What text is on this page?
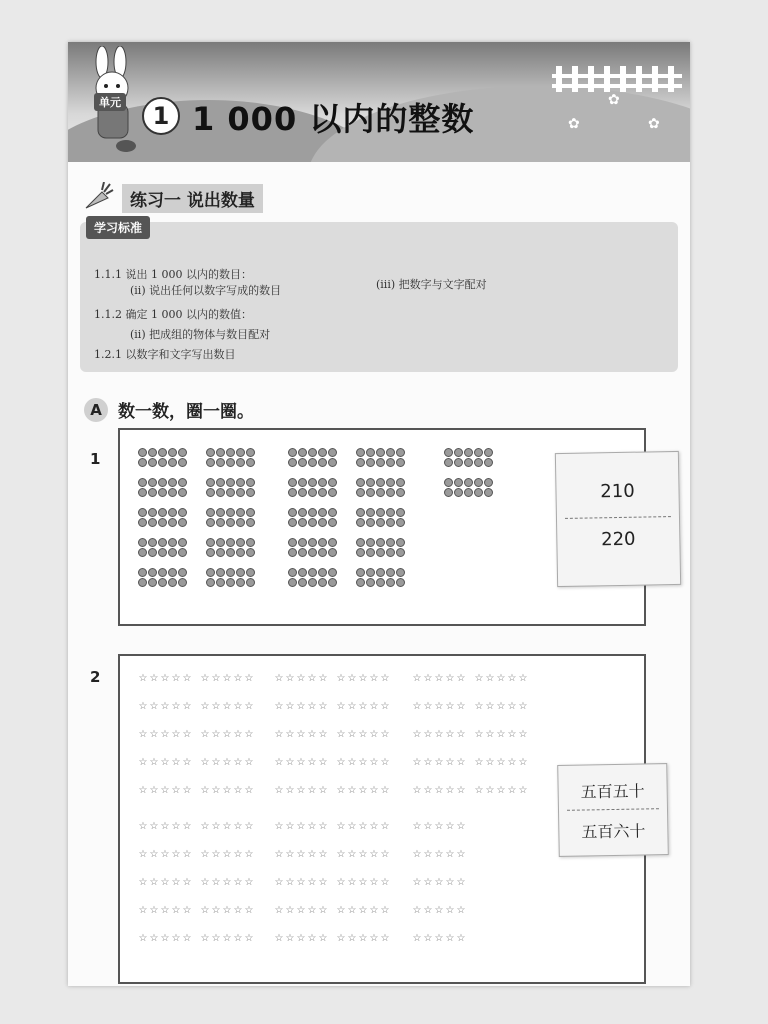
✿
✿	✿
单元	1 1 000 以内的整数
练习一 说出数量
学习标准
1.1.1 说出 1 000 以内的数目：
(ii) 说出任何以数字写成的数目	(iii) 把数字与文字配对
1.1.2 确定 1 000 以内的数值：
(ii) 把成组的物体与数目配对
1.2.1 以数字和文字写出数目
A 数一数，圈一圈。
1
210
220
2	☆ ☆ ☆ ☆ ☆
☆ ☆ ☆ ☆ ☆
☆ ☆ ☆ ☆ ☆
☆ ☆ ☆ ☆ ☆
☆ ☆ ☆ ☆ ☆
☆ ☆ ☆ ☆ ☆
☆ ☆ ☆ ☆ ☆
☆ ☆ ☆ ☆ ☆
☆ ☆ ☆ ☆ ☆
☆ ☆ ☆ ☆ ☆
☆ ☆ ☆ ☆ ☆
☆ ☆ ☆ ☆ ☆
☆ ☆ ☆ ☆ ☆
☆ ☆ ☆ ☆ ☆
☆ ☆ ☆ ☆ ☆
☆ ☆ ☆ ☆ ☆
☆ ☆ ☆ ☆ ☆
☆ ☆ ☆ ☆ ☆
☆ ☆ ☆ ☆ ☆
☆ ☆ ☆ ☆ ☆
☆ ☆ ☆ ☆ ☆
☆ ☆ ☆ ☆ ☆
☆ ☆ ☆ ☆ ☆
☆ ☆ ☆ ☆ ☆
☆ ☆ ☆ ☆ ☆
☆ ☆ ☆ ☆ ☆
☆ ☆ ☆ ☆ ☆
☆ ☆ ☆ ☆ ☆
☆ ☆ ☆ ☆ ☆
☆ ☆ ☆ ☆ ☆
☆ ☆ ☆ ☆ ☆
☆ ☆ ☆ ☆ ☆
☆ ☆ ☆ ☆ ☆
☆ ☆ ☆ ☆ ☆
☆ ☆ ☆ ☆ ☆
☆ ☆ ☆ ☆ ☆
☆ ☆ ☆ ☆ ☆
☆ ☆ ☆ ☆ ☆
☆ ☆ ☆ ☆ ☆
☆ ☆ ☆ ☆ ☆
☆ ☆ ☆ ☆ ☆
☆ ☆ ☆ ☆ ☆
☆ ☆ ☆ ☆ ☆
☆ ☆ ☆ ☆ ☆
☆ ☆ ☆ ☆ ☆
☆ ☆ ☆ ☆ ☆
☆ ☆ ☆ ☆ ☆
☆ ☆ ☆ ☆ ☆
☆ ☆ ☆ ☆ ☆
☆ ☆ ☆ ☆ ☆
☆ ☆ ☆ ☆ ☆
☆ ☆ ☆ ☆ ☆
☆ ☆ ☆ ☆ ☆
☆ ☆ ☆ ☆ ☆
☆ ☆ ☆ ☆ ☆	五百五十
五百六十
